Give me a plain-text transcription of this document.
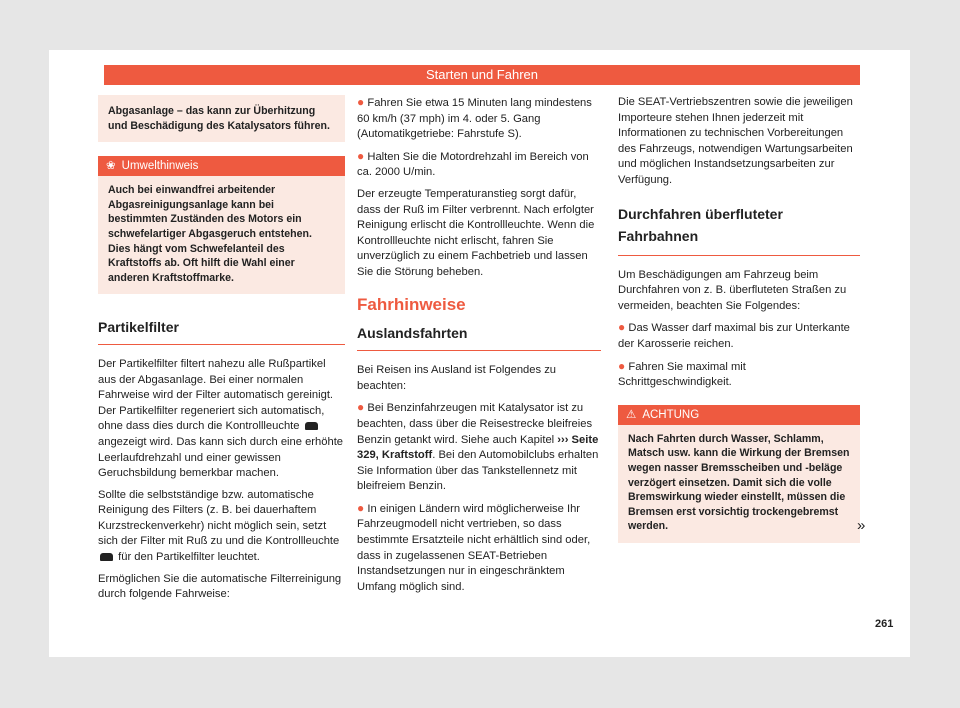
Starten und Fahren
Abgasanlage – das kann zur Überhitzung und Beschädigung des Katalysators führen.
❀ Umwelthinweis
Auch bei einwandfrei arbeitender Abgasreinigungsanlage kann bei bestimmten Zuständen des Motors ein schwefelartiger Abgasgeruch entstehen. Dies hängt vom Schwefelanteil des Kraftstoffs ab. Oft hilft die Wahl einer anderen Kraftstoffmarke.
Partikelfilter

Der Partikelfilter filtert nahezu alle Rußpartikel aus der Abgasanlage. Bei einer normalen Fahrweise wird der Filter automatisch gereinigt. Der Partikelfilter regeneriert sich automatisch, ohne dass dies durch die Kontrollleuchte  angezeigt wird. Das kann sich durch eine erhöhte Leerlaufdrehzahl und einer gewissen Geruchsbildung bemerkbar machen.

Sollte die selbstständige bzw. automatische Reinigung des Filters (z. B. bei dauerhaftem Kurzstreckenverkehr) nicht möglich sein, setzt sich der Filter mit Ruß zu und die Kontrollleuchte  für den Partikelfilter leuchtet.

Ermöglichen Sie die automatische Filterreinigung durch folgende Fahrweise:

● Fahren Sie etwa 15 Minuten lang mindestens 60 km/h (37 mph) im 4. oder 5. Gang (Automatikgetriebe: Fahrstufe S).

● Halten Sie die Motordrehzahl im Bereich von ca. 2000 U/min.

Der erzeugte Temperaturanstieg sorgt dafür, dass der Ruß im Filter verbrennt. Nach erfolgter Reinigung erlischt die Kontrollleuchte. Wenn die Kontrollleuchte nicht erlischt, fahren Sie unverzüglich zu einem Fachbetrieb und lassen Sie die Störung beheben.

Fahrhinweise
Auslandsfahrten

Bei Reisen ins Ausland ist Folgendes zu beachten:

● Bei Benzinfahrzeugen mit Katalysator ist zu beachten, dass über die Reisestrecke bleifreies Benzin getankt wird. Siehe auch Kapitel ››› Seite 329, Kraftstoff. Bei den Automobilclubs erhalten Sie Information über das Tankstellennetz mit bleifreiem Benzin.

● In einigen Ländern wird möglicherweise Ihr Fahrzeugmodell nicht vertrieben, so dass bestimmte Ersatzteile nicht erhältlich sind oder, dass in zugelassenen SEAT-Betrieben Instandsetzungen nur in eingeschränktem Umfang möglich sind.

Die SEAT-Vertriebszentren sowie die jeweiligen Importeure stehen Ihnen jederzeit mit Informationen zu technischen Vorbereitungen des Fahrzeugs, notwendigen Wartungsarbeiten und möglichen Instandsetzungsarbeiten zur Verfügung.

Durchfahren überfluteter Fahrbahnen

Um Beschädigungen am Fahrzeug beim Durchfahren von z. B. überfluteten Straßen zu vermeiden, beachten Sie Folgendes:

● Das Wasser darf maximal bis zur Unterkante der Karosserie reichen.

● Fahren Sie maximal mit Schrittgeschwindigkeit.

⚠ ACHTUNG
Nach Fahrten durch Wasser, Schlamm, Matsch usw. kann die Wirkung der Bremsen wegen nasser Bremsscheiben und -beläge verzögert einsetzen. Damit sich die volle Bremswirkung wieder einstellt, müssen die Bremsen erst vorsichtig trockengebremst werden.	»
261
